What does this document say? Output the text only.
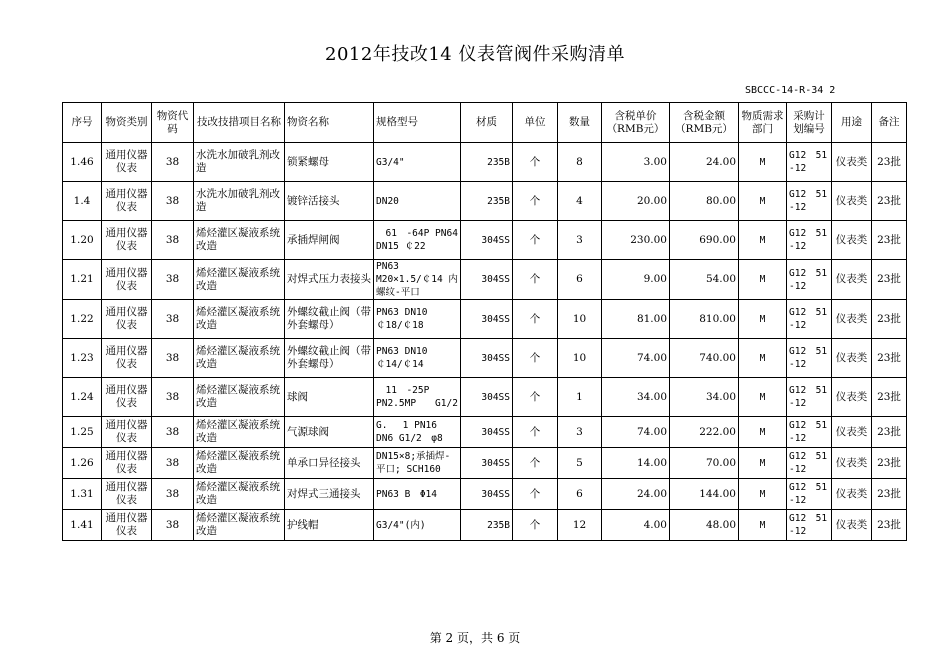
2012年技改14 仪表管阀件采购清单
SBCCC-14-R-34 2
序号	物资类别	物资代码	技改技措项目名称	物资名称	规格型号	材质	单位	数量	含税单价（RMB元）	含税金额（RMB元）	物质需求部门	采购计划编号	用途	备注
1.46	通用仪器仪表	38	水洗水加破乳剂改造	锁紧螺母	G3/4"	235B	个	8	3.00	24.00	M	G12　51 -12	仪表类	23批
1.4	通用仪器仪表	38	水洗水加破乳剂改造	镀锌活接头	DN20	235B	个	4	20.00	80.00	M	G12　51 -12	仪表类	23批
1.20	通用仪器仪表	38	烯烃灌区凝液系统改造	承插焊闸阀	　61　-64P PN64 DN15 ￠22	304SS	个	3	230.00	690.00	M	G12　51 -12	仪表类	23批
1.21	通用仪器仪表	38	烯烃灌区凝液系统改造	对焊式压力表接头	PN63 M20×1.5/￠14 内螺纹-平口	304SS	个	6	9.00	54.00	M	G12　51 -12	仪表类	23批
1.22	通用仪器仪表	38	烯烃灌区凝液系统改造	外螺纹截止阀（带外套螺母）	PN63 DN10 ￠18/￠18	304SS	个	10	81.00	810.00	M	G12　51 -12	仪表类	23批
1.23	通用仪器仪表	38	烯烃灌区凝液系统改造	外螺纹截止阀（带外套螺母）	PN63 DN10 ￠14/￠14	304SS	个	10	74.00	740.00	M	G12　51 -12	仪表类	23批
1.24	通用仪器仪表	38	烯烃灌区凝液系统改造	球阀	　11　-25P PN2.5MP　　G1/2	304SS	个	1	34.00	34.00	M	G12　51 -12	仪表类	23批
1.25	通用仪器仪表	38	烯烃灌区凝液系统改造	气源球阀	G.　 1 PN16 DN6 G1/2　φ8	304SS	个	3	74.00	222.00	M	G12　51 -12	仪表类	23批
1.26	通用仪器仪表	38	烯烃灌区凝液系统改造	单承口异径接头	DN15×8;承插焊-平口; SCH160	304SS	个	5	14.00	70.00	M	G12　51 -12	仪表类	23批
1.31	通用仪器仪表	38	烯烃灌区凝液系统改造	对焊式三通接头	PN63 B　Φ14	304SS	个	6	24.00	144.00	M	G12　51 -12	仪表类	23批
1.41	通用仪器仪表	38	烯烃灌区凝液系统改造	护线帽	G3/4"(内)	235B	个	12	4.00	48.00	M	G12　51 -12	仪表类	23批
第 2 页，共 6 页
